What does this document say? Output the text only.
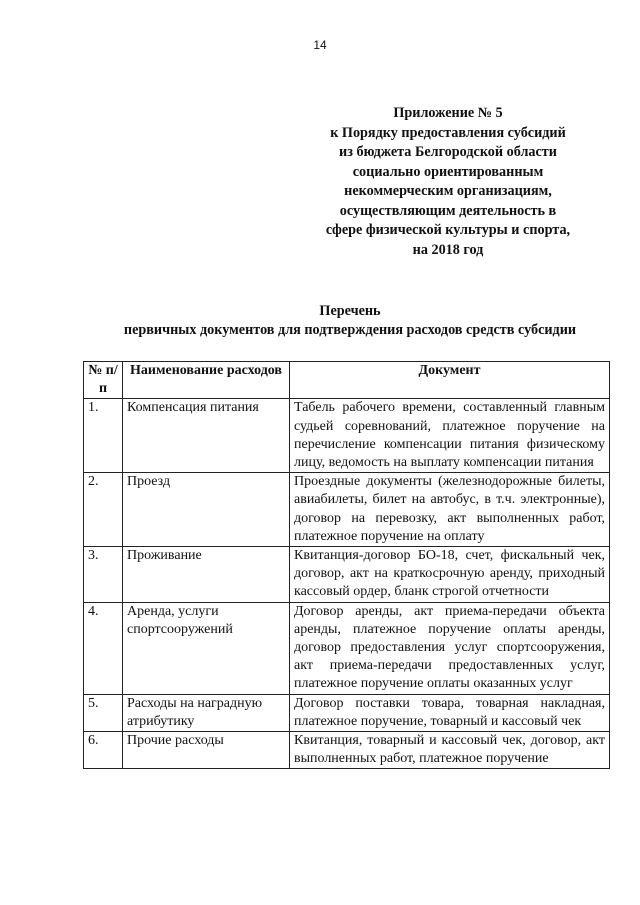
14
Приложение № 5
к Порядку предоставления субсидий
из бюджета Белгородской области
социально ориентированным
некоммерческим организациям,
осуществляющим деятельность в
сфере физической культуры и спорта,
на 2018 год
Перечень
первичных документов для подтверждения расходов средств субсидии
№ п/п	Наименование расходов	Документ
1.	Компенсация питания	Табель рабочего времени, составленный главным судьей соревнований, платежное поручение на перечисление компенсации питания физическому лицу, ведомость на выплату компенсации питания
2.	Проезд	Проездные документы (железнодорожные билеты, авиабилеты, билет на автобус, в т.ч. электронные), договор на перевозку, акт выполненных работ, платежное поручение на оплату
3.	Проживание	Квитанция-договор БО-18, счет, фискальный чек, договор, акт на краткосрочную аренду, приходный кассовый ордер, бланк строгой отчетности
4.	Аренда, услуги спортсооружений	Договор аренды, акт приема-передачи объекта аренды, платежное поручение оплаты аренды, договор предоставления услуг спортсооружения, акт приема-передачи предоставленных услуг, платежное поручение оплаты оказанных услуг
5.	Расходы на наградную атрибутику	Договор поставки товара, товарная накладная, платежное поручение, товарный и кассовый чек
6.	Прочие расходы	Квитанция, товарный и кассовый чек, договор, акт выполненных работ, платежное поручение
